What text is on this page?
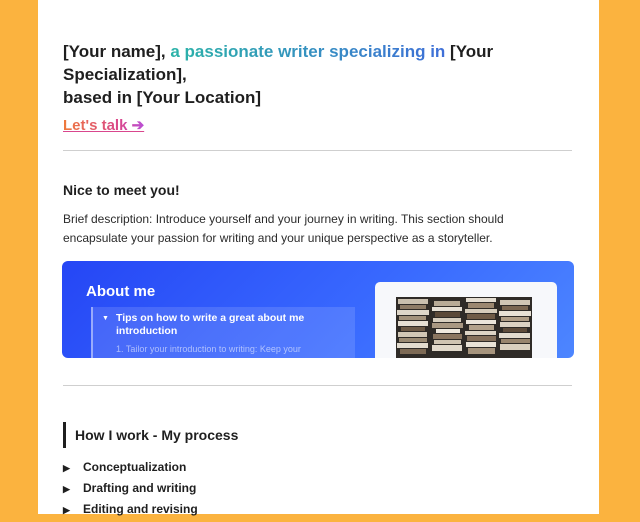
[Your name], a passionate writer specializing in [Your Specialization],
based in [Your Location]
Let's talk ➔
Nice to meet you!
Brief description: Introduce yourself and your journey in writing. This section should encapsulate your passion for writing and your unique perspective as a storyteller.
About me
▼ Tips on how to write a great about me introduction
1. Tailor your introduction to writing: Keep your
How I work - My process
▶ Conceptualization
▶ Drafting and writing
▶ Editing and revising
